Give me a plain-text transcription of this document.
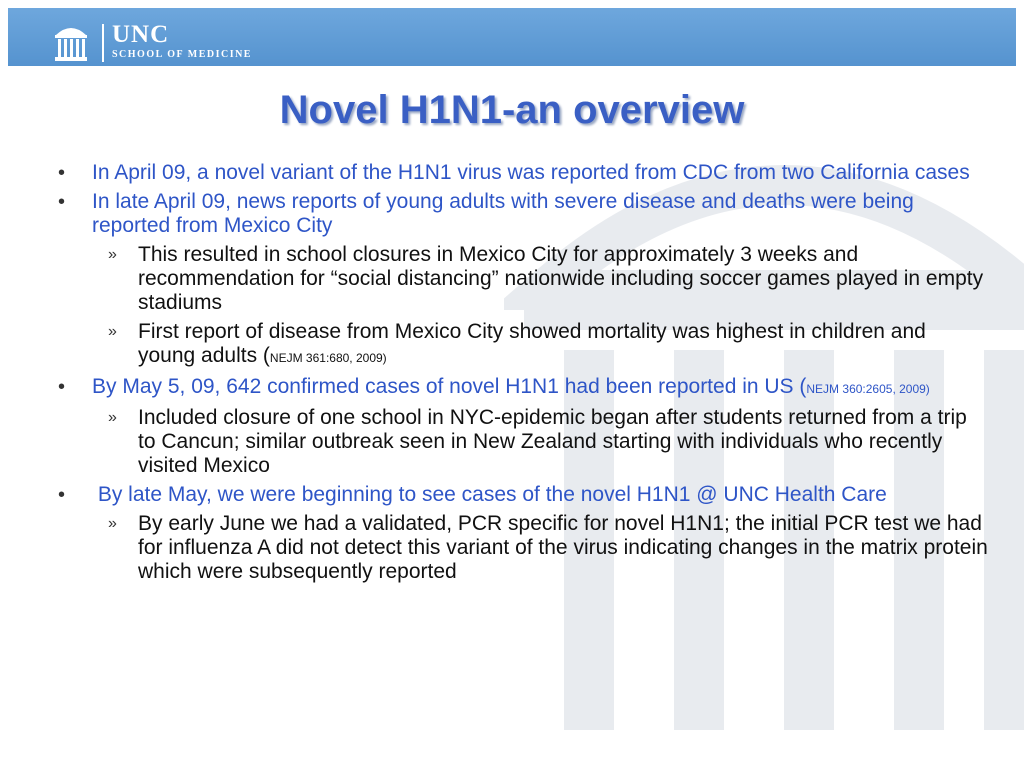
UNC
SCHOOL OF MEDICINE
Novel H1N1-an overview
• In April 09, a novel variant of the H1N1 virus was reported from CDC from two California cases
• In late April 09, news reports of young adults with severe disease and deaths were being reported from Mexico City
» This resulted in school closures in Mexico City for approximately 3 weeks and recommendation for “social distancing” nationwide including soccer games played in empty stadiums
» First report of disease from Mexico City showed mortality was highest in children and young adults (NEJM 361:680, 2009)
• By May 5, 09, 642 confirmed cases of novel H1N1 had been reported in US (NEJM 360:2605, 2009)
» Included closure of one school in NYC-epidemic began after students returned from a trip to Cancun; similar outbreak seen in New Zealand starting with individuals who recently visited Mexico
• By late May, we were beginning to see cases of the novel H1N1 @ UNC Health Care
» By early June we had a validated, PCR specific for novel H1N1; the initial PCR test we had for influenza A did not detect this variant of the virus indicating changes in the matrix protein which were subsequently reported
